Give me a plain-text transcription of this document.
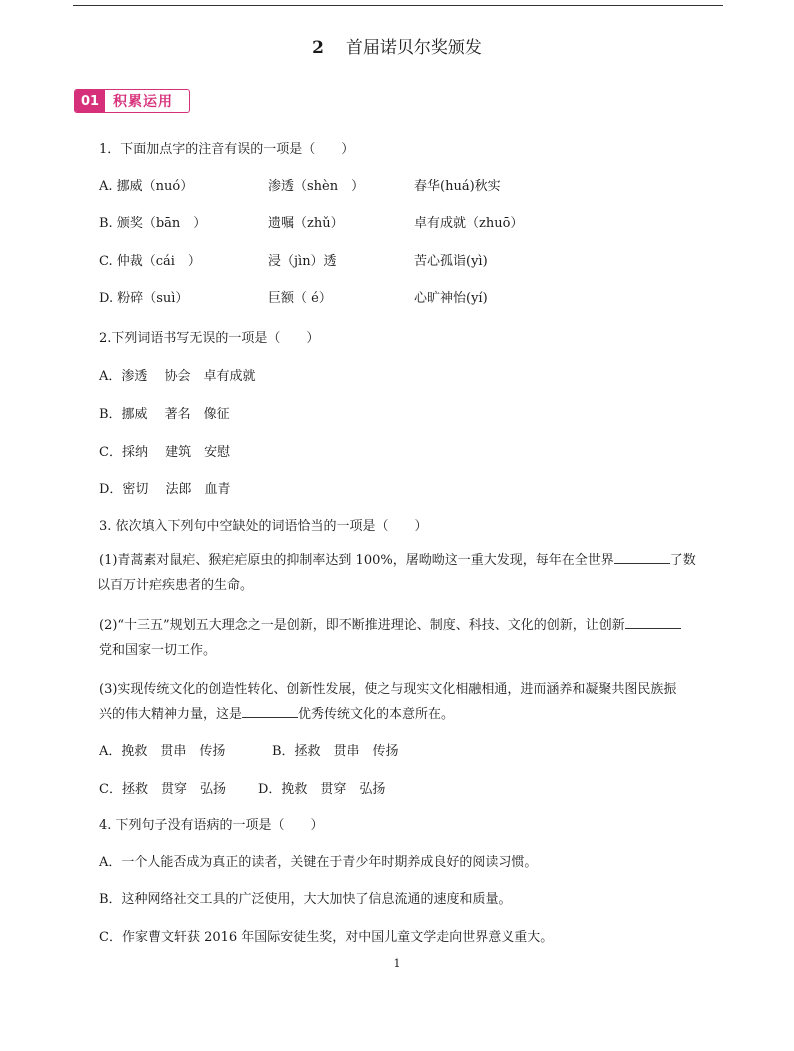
2 首届诺贝尔奖颁发
01 积累运用
1．下面加点字的注音有误的一项是（　　）
A. 挪威（nuó）	渗透（shèn　）	春华(huá)秋实
B. 颁奖（bān　）	遗嘱（zhǔ）	卓有成就（zhuō）
C. 仲裁（cái　）	浸（jìn）透	苦心孤诣(yì)
D. 粉碎（suì）	巨额（ é）	心旷神怡(yí)
2.下列词语书写无误的一项是（　　）
A．渗透　 协会　卓有成就
B．挪威　 著名　像征
C．採纳　 建筑　安慰
D．密切　 法郎　血青
3. 依次填入下列句中空缺处的词语恰当的一项是（　　）
(1)青蒿素对鼠疟、猴疟疟原虫的抑制率达到 100%，屠呦呦这一重大发现，每年在全世界	了数
以百万计疟疾患者的生命。
(2)“十三五”规划五大理念之一是创新，即不断推进理论、制度、科技、文化的创新，让创新
党和国家一切工作。
(3)实现传统文化的创造性转化、创新性发展，使之与现实文化相融相通，进而涵养和凝聚共图民族振
兴的伟大精神力量，这是	优秀传统文化的本意所在。
A．挽救　贯串　传扬	B．拯救　贯串　传扬
C．拯救　贯穿　弘扬 D．挽救　贯穿　弘扬
4. 下列句子没有语病的一项是（　　）
A．一个人能否成为真正的读者，关键在于青少年时期养成良好的阅读习惯。
B．这种网络社交工具的广泛使用，大大加快了信息流通的速度和质量。
C．作家曹文轩获 2016 年国际安徒生奖，对中国儿童文学走向世界意义重大。
1
